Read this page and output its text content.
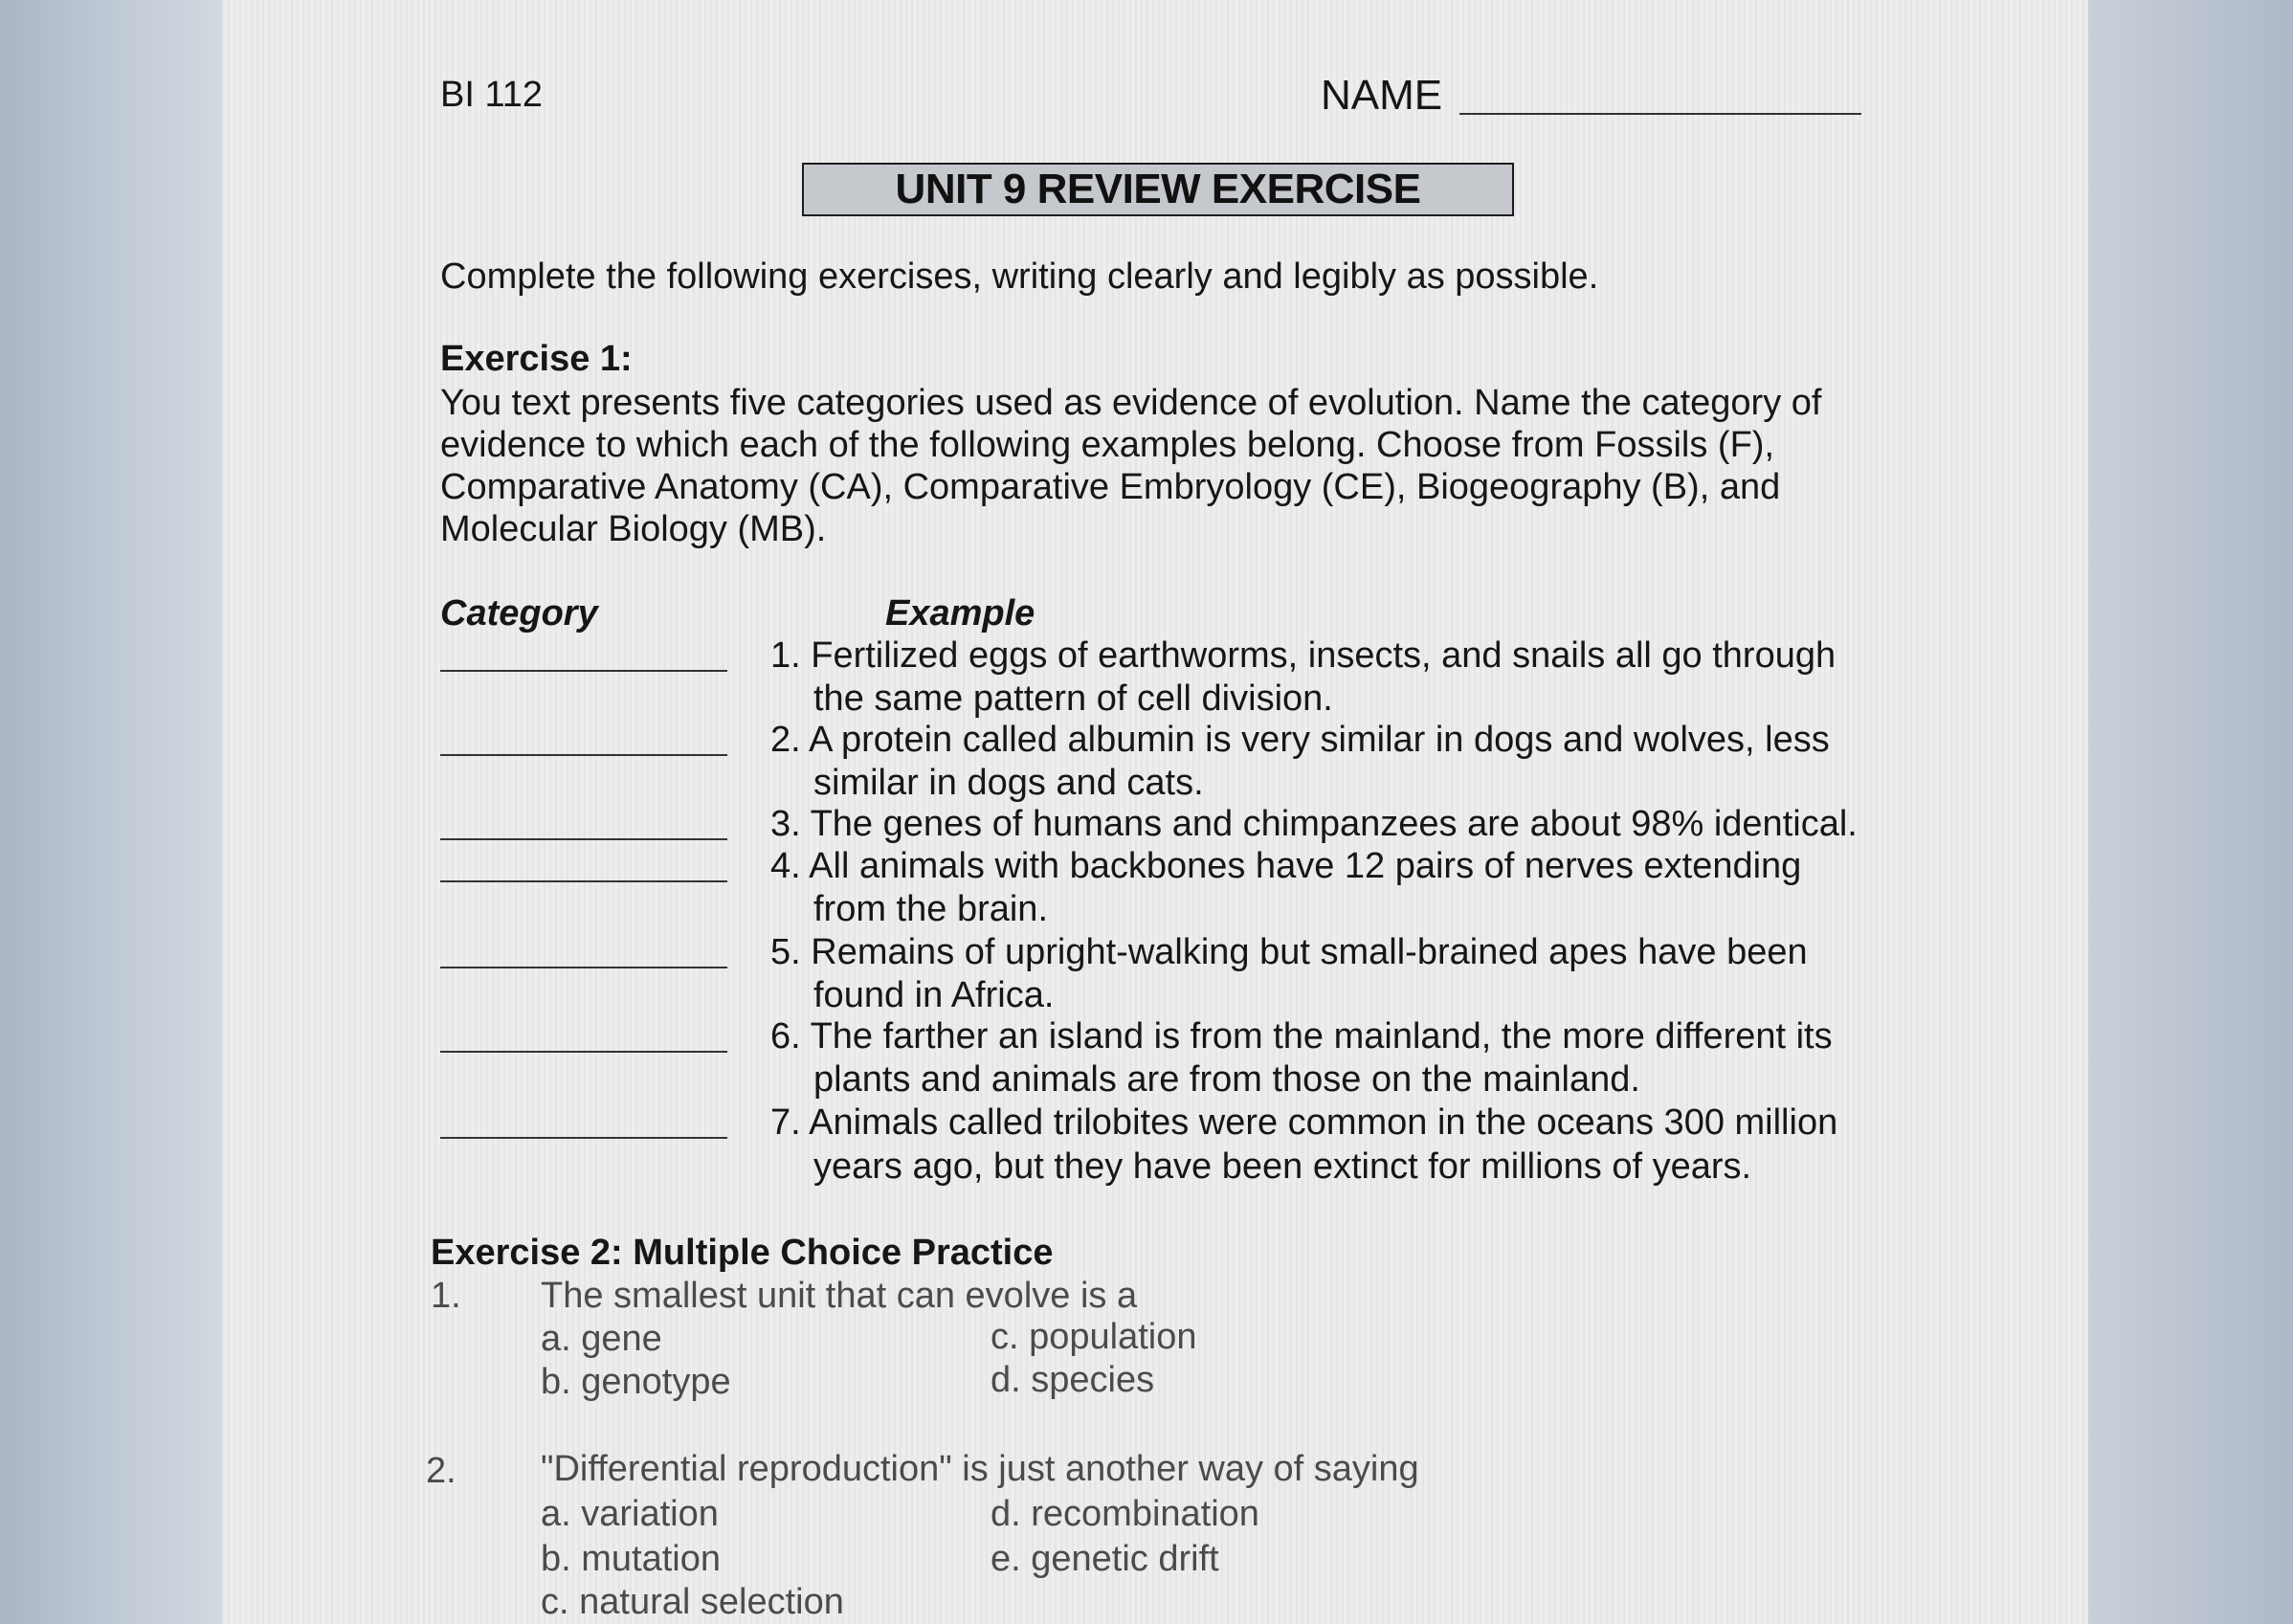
BI 112	NAME
UNIT 9 REVIEW EXERCISE
Complete the following exercises, writing clearly and legibly as possible.
Exercise 1:
You text presents five categories used as evidence of evolution. Name the category of
evidence to which each of the following examples belong. Choose from Fossils (F),
Comparative Anatomy (CA), Comparative Embryology (CE), Biogeography (B), and
Molecular Biology (MB).
Category	Example
1. Fertilized eggs of earthworms, insects, and snails all go through
the same pattern of cell division.
2. A protein called albumin is very similar in dogs and wolves, less
similar in dogs and cats.
3. The genes of humans and chimpanzees are about 98% identical.
4. All animals with backbones have 12 pairs of nerves extending
from the brain.
5. Remains of upright-walking but small-brained apes have been
found in Africa.
6. The farther an island is from the mainland, the more different its
plants and animals are from those on the mainland.
7. Animals called trilobites were common in the oceans 300 million
years ago, but they have been extinct for millions of years.
Exercise 2: Multiple Choice Practice
1. The smallest unit that can evolve is a
a. gene
b. genotype
c. population
d. species
2. "Differential reproduction" is just another way of saying
a. variation
b. mutation
c. natural selection
d. recombination
e. genetic drift
